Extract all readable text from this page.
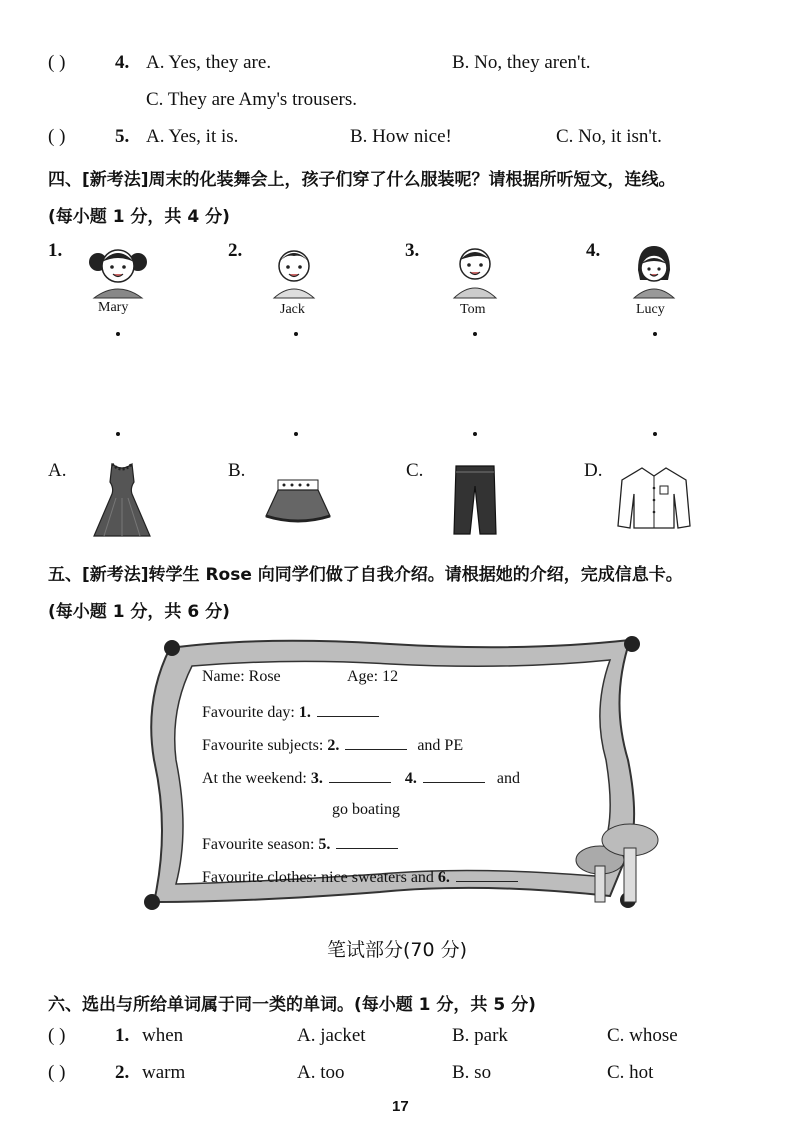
( )	4. A. Yes, they are.	B. No, they aren't.
C. They are Amy's trousers.
( )	5. A. Yes, it is.	B. How nice!	C. No, it isn't.
四、[新考法]周末的化装舞会上，孩子们穿了什么服装呢？请根据所听短文，连线。
(每小题 1 分，共 4 分)
1.	2.	3.	4.
Mary	Jack	Tom	Lucy
A.	B.	C.	D.
五、[新考法]转学生 Rose 向同学们做了自我介绍。请根据她的介绍，完成信息卡。
(每小题 1 分，共 6 分)
Name: Rose	Age: 12
Favourite day: 1.
Favourite subjects: 2.	and PE
At the weekend: 3.	4.	and
go boating
Favourite season: 5.
Favourite clothes: nice sweaters and 6.
笔试部分(70 分)
六、选出与所给单词属于同一类的单词。(每小题 1 分，共 5 分)
( )	1. when	A. jacket	B. park	C. whose
( )	2. warm	A. too	B. so	C. hot
17
